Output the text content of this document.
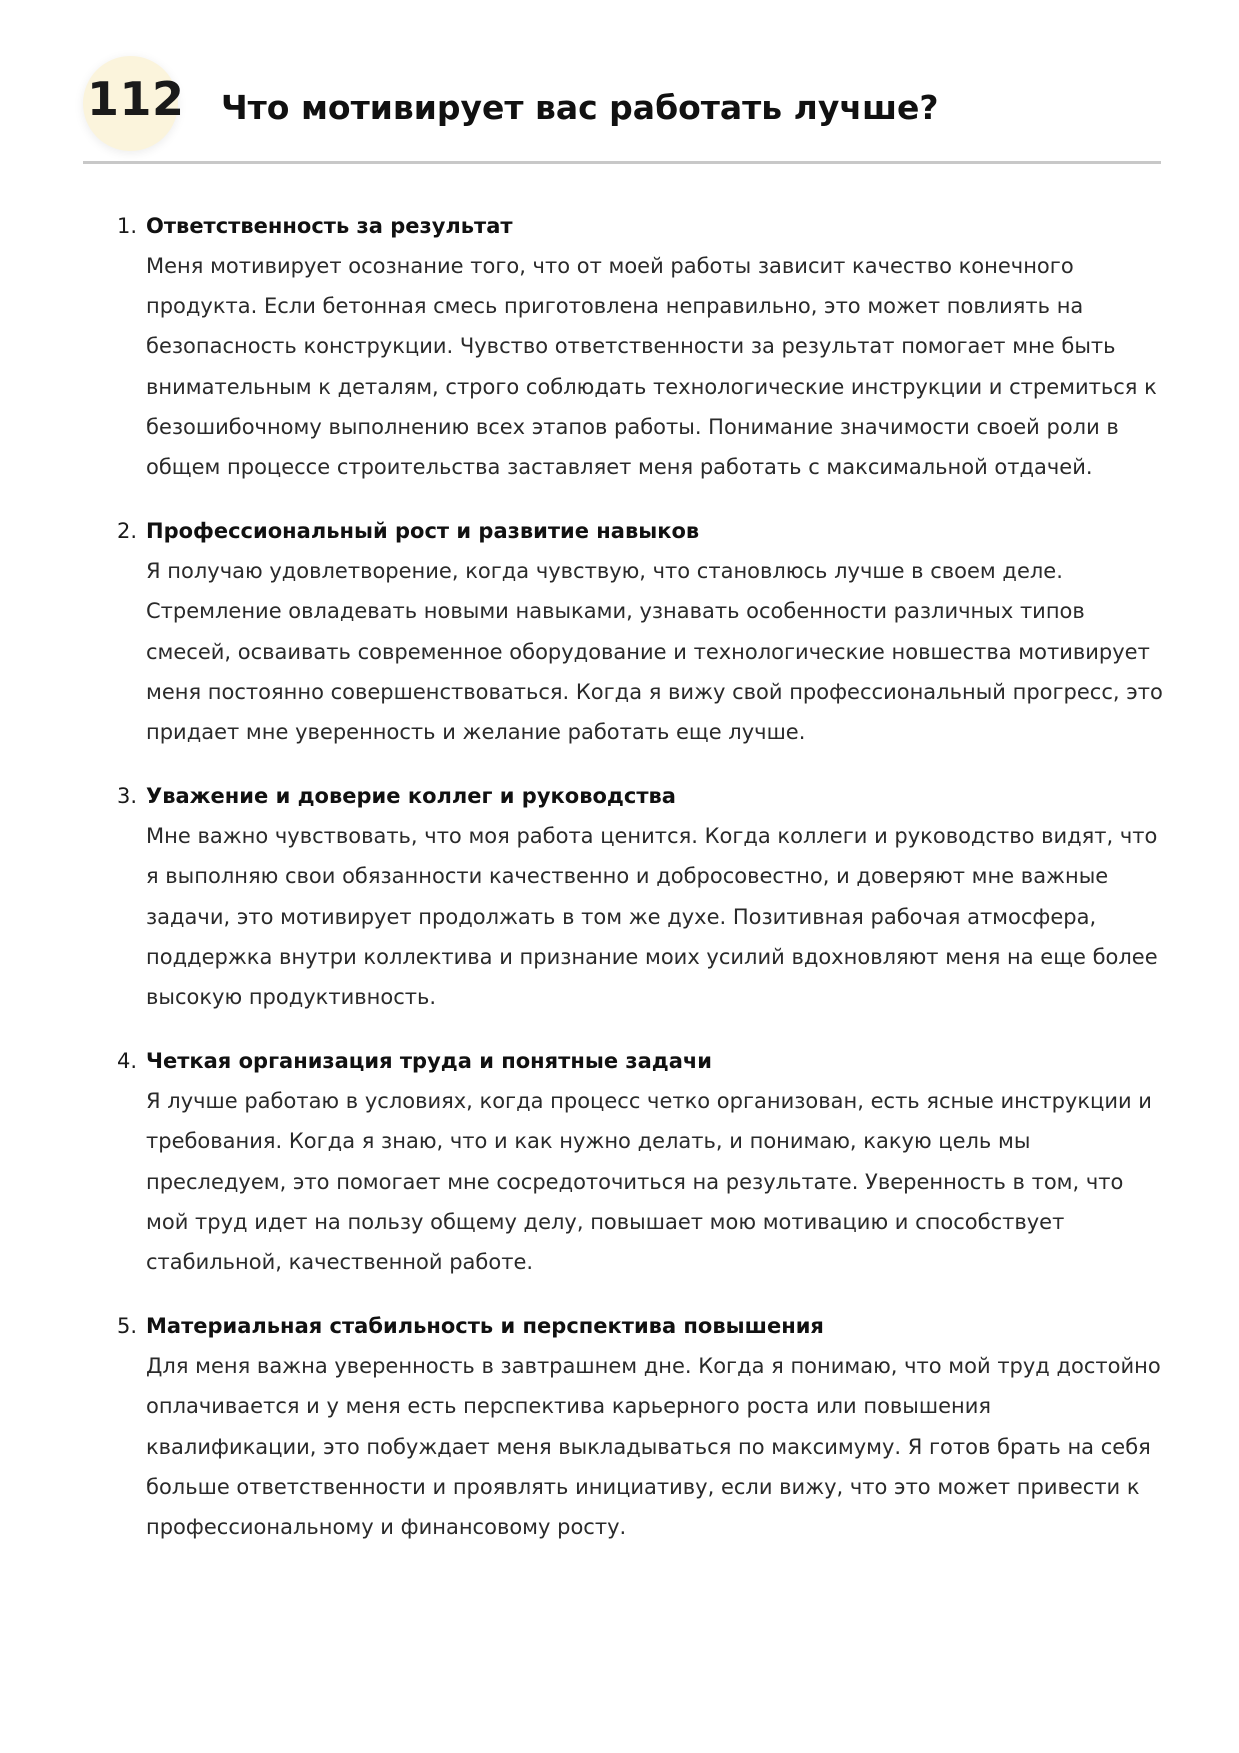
112 Что мотивирует вас работать лучше?
1. Ответственность за результат

Меня мотивирует осознание того, что от моей работы зависит качество конечного продукта. Если бетонная смесь приготовлена неправильно, это может повлиять на безопасность конструкции. Чувство ответственности за результат помогает мне быть внимательным к деталям, строго соблюдать технологические инструкции и стремиться к безошибочному выполнению всех этапов работы. Понимание значимости своей роли в общем процессе строительства заставляет меня работать с максимальной отдачей.

2. Профессиональный рост и развитие навыков

Я получаю удовлетворение, когда чувствую, что становлюсь лучше в своем деле. Стремление овладевать новыми навыками, узнавать особенности различных типов смесей, осваивать современное оборудование и технологические новшества мотивирует меня постоянно совершенствоваться. Когда я вижу свой профессиональный прогресс, это придает мне уверенность и желание работать еще лучше.

3. Уважение и доверие коллег и руководства

Мне важно чувствовать, что моя работа ценится. Когда коллеги и руководство видят, что я выполняю свои обязанности качественно и добросовестно, и доверяют мне важные задачи, это мотивирует продолжать в том же духе. Позитивная рабочая атмосфера, поддержка внутри коллектива и признание моих усилий вдохновляют меня на еще более высокую продуктивность.

4. Четкая организация труда и понятные задачи

Я лучше работаю в условиях, когда процесс четко организован, есть ясные инструкции и требования. Когда я знаю, что и как нужно делать, и понимаю, какую цель мы преследуем, это помогает мне сосредоточиться на результате. Уверенность в том, что мой труд идет на пользу общему делу, повышает мою мотивацию и способствует стабильной, качественной работе.

5. Материальная стабильность и перспектива повышения

Для меня важна уверенность в завтрашнем дне. Когда я понимаю, что мой труд достойно оплачивается и у меня есть перспектива карьерного роста или повышения квалификации, это побуждает меня выкладываться по максимуму. Я готов брать на себя больше ответственности и проявлять инициативу, если вижу, что это может привести к профессиональному и финансовому росту.
